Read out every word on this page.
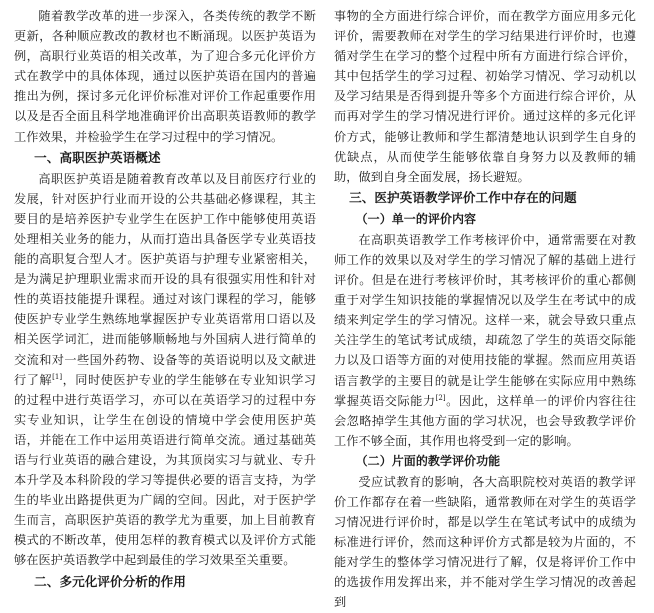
随着教学改革的进一步深入，各类传统的教学不断更新，各种顺应教改的教材也不断涌现。以医护英语为例，高职行业英语的相关改革，为了迎合多元化评价方式在教学中的具体体现，通过以医护英语在国内的普遍推出为例，探讨多元化评价标准对评价工作起重要作用以及是否全面且科学地准确评价出高职英语教师的教学工作效果，并检验学生在学习过程中的学习情况。

一、高职医护英语概述

高职医护英语是随着教育改革以及目前医疗行业的发展，针对医护行业而开设的公共基础必修课程，其主要目的是培养医护专业学生在医护工作中能够使用英语处理相关业务的能力，从而打造出具备医学专业英语技能的高职复合型人才。医护英语与护理专业紧密相关，是为满足护理职业需求而开设的具有很强实用性和针对性的英语技能提升课程。通过对该门课程的学习，能够使医护专业学生熟练地掌握医护专业英语常用口语以及相关医学词汇，进而能够顺畅地与外国病人进行简单的交流和对一些国外药物、设备等的英语说明以及文献进行了解[1]，同时使医护专业的学生能够在专业知识学习的过程中进行英语学习，亦可以在英语学习的过程中夯实专业知识，让学生在创设的情境中学会使用医护英语，并能在工作中运用英语进行简单交流。通过基础英语与行业英语的融合建设，为其顶岗实习与就业、专升本升学及本科阶段的学习等提供必要的语言支持，为学生的毕业出路提供更为广阔的空间。因此，对于医护学生而言，高职医护英语的教学尤为重要，加上目前教育模式的不断改革，使用怎样的教育模式以及评价方式能够在医护英语教学中起到最佳的学习效果至关重要。

二、多元化评价分析的作用

事物的全方面进行综合评价，而在教学方面应用多元化评价，需要教师在对学生的学习结果进行评价时，也遵循对学生在学习的整个过程中所有方面进行综合评价，其中包括学生的学习过程、初始学习情况、学习动机以及学习结果是否得到提升等多个方面进行综合评价，从而再对学生的学习情况进行评价。通过这样的多元化评价方式，能够让教师和学生都清楚地认识到学生自身的优缺点，从而使学生能够依靠自身努力以及教师的辅助，做到自身全面发展，扬长避短。

三、医护英语教学评价工作中存在的问题

（一）单一的评价内容

在高职英语教学工作考核评价中，通常需要在对教师工作的效果以及对学生的学习情况了解的基础上进行评价。但是在进行考核评价时，其考核评价的重心都侧重于对学生知识技能的掌握情况以及学生在考试中的成绩来判定学生的学习情况。这样一来，就会导致只重点关注学生的笔试考试成绩，却疏忽了学生的英语交际能力以及口语等方面的对使用技能的掌握。然而应用英语语言教学的主要目的就是让学生能够在实际应用中熟练掌握英语交际能力[2]。因此，这样单一的评价内容往往会忽略掉学生其他方面的学习状况，也会导致教学评价工作不够全面，其作用也将受到一定的影响。

（二）片面的教学评价功能

受应试教育的影响，各大高职院校对英语的教学评价工作都存在着一些缺陷，通常教师在对学生的英语学习情况进行评价时，都是以学生在笔试考试中的成绩为标准进行评价，然而这种评价方式都是较为片面的，不能对学生的整体学习情况进行了解，仅是将评价工作中的选拔作用发挥出来，并不能对学生学习情况的改善起到
